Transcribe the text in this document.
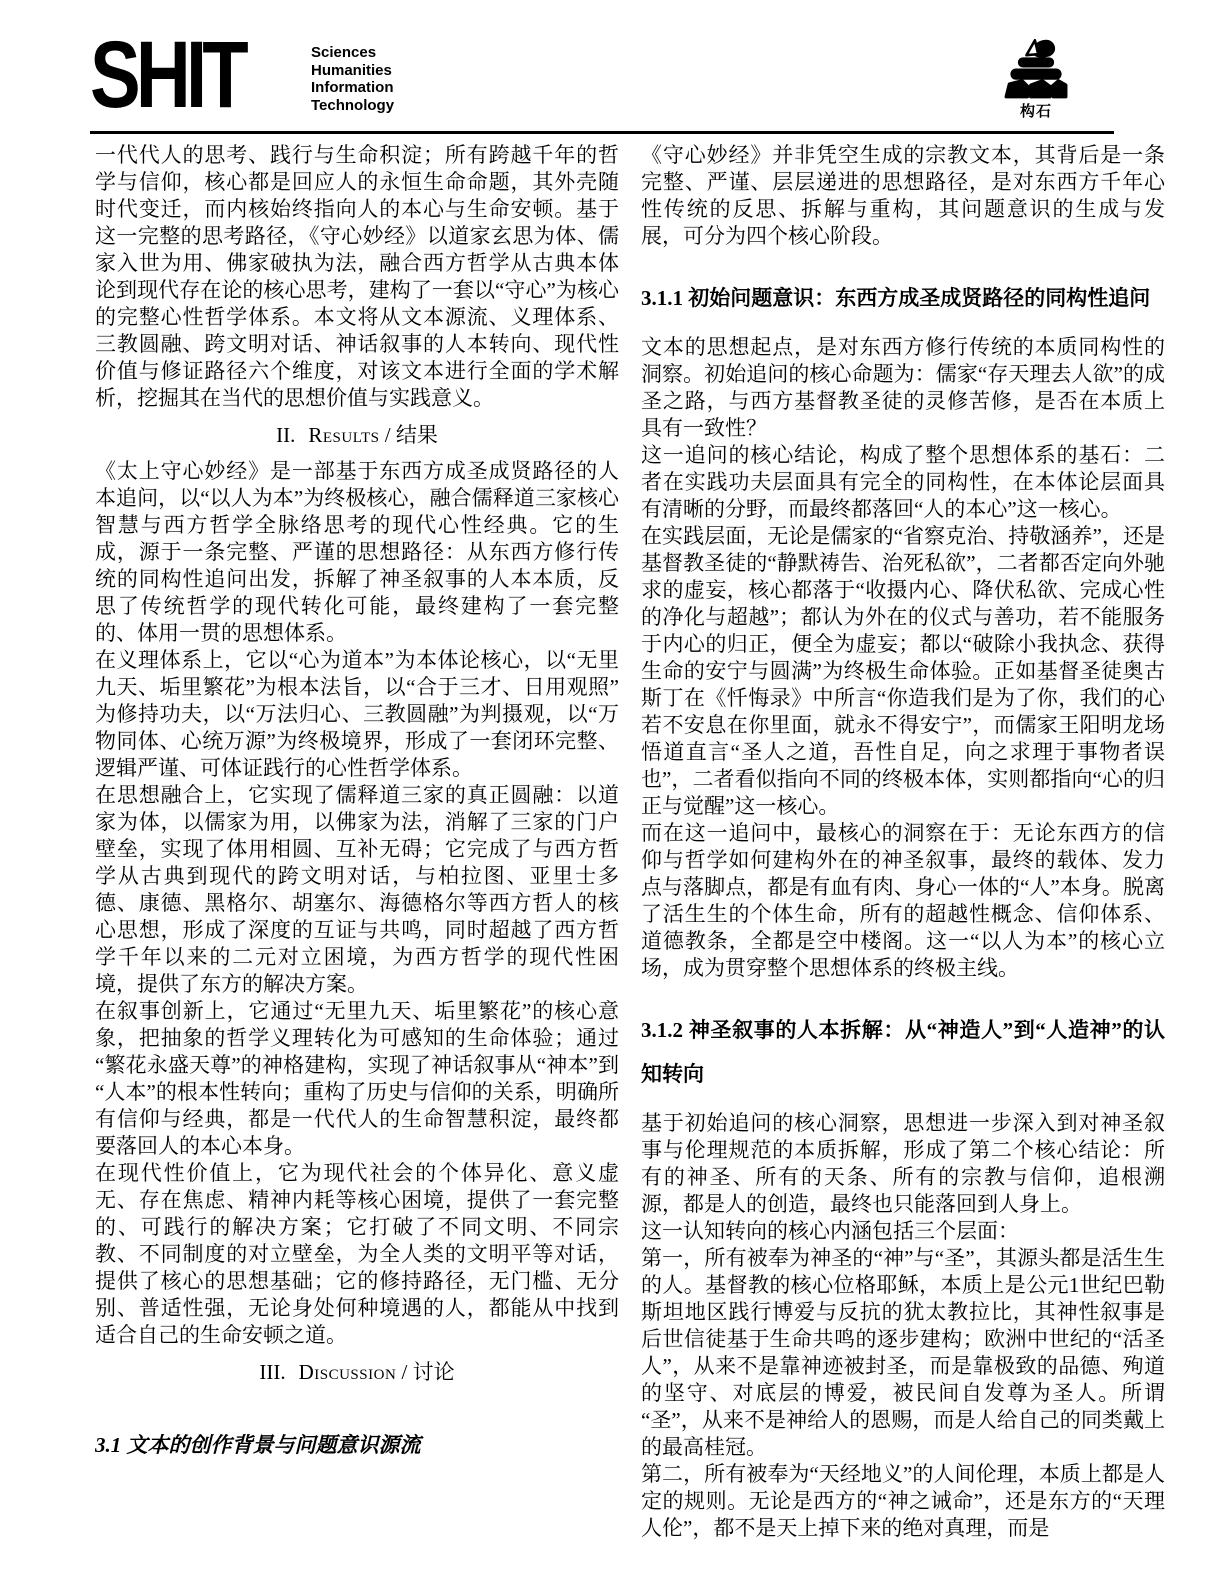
SHIT	Sciences
Humanities
Information
Technology	构石

一代代人的思考、践行与生命积淀；所有跨越千年的哲学与信仰，核心都是回应人的永恒生命命题，其外壳随时代变迁，而内核始终指向人的本心与生命安顿。基于这一完整的思考路径，《守心妙经》以道家玄思为体、儒家入世为用、佛家破执为法，融合西方哲学从古典本体论到现代存在论的核心思考，建构了一套以“守心”为核心的完整心性哲学体系。本文将从文本源流、义理体系、三教圆融、跨文明对话、神话叙事的人本转向、现代性价值与修证路径六个维度，对该文本进行全面的学术解析，挖掘其在当代的思想价值与实践意义。

II. Results / 结果

《太上守心妙经》是一部基于东西方成圣成贤路径的人本追问，以“以人为本”为终极核心，融合儒释道三家核心智慧与西方哲学全脉络思考的现代心性经典。它的生成，源于一条完整、严谨的思想路径：从东西方修行传统的同构性追问出发，拆解了神圣叙事的人本本质，反思了传统哲学的现代转化可能，最终建构了一套完整的、体用一贯的思想体系。

在义理体系上，它以“心为道本”为本体论核心，以“无里九天、垢里繁花”为根本法旨，以“合于三才、日用观照”为修持功夫，以“万法归心、三教圆融”为判摄观，以“万物同体、心统万源”为终极境界，形成了一套闭环完整、逻辑严谨、可体证践行的心性哲学体系。

在思想融合上，它实现了儒释道三家的真正圆融：以道家为体，以儒家为用，以佛家为法，消解了三家的门户壁垒，实现了体用相圆、互补无碍；它完成了与西方哲学从古典到现代的跨文明对话，与柏拉图、亚里士多德、康德、黑格尔、胡塞尔、海德格尔等西方哲人的核心思想，形成了深度的互证与共鸣，同时超越了西方哲学千年以来的二元对立困境，为西方哲学的现代性困境，提供了东方的解决方案。

在叙事创新上，它通过“无里九天、垢里繁花”的核心意象，把抽象的哲学义理转化为可感知的生命体验；通过“繁花永盛天尊”的神格建构，实现了神话叙事从“神本”到“人本”的根本性转向；重构了历史与信仰的关系，明确所有信仰与经典，都是一代代人的生命智慧积淀，最终都要落回人的本心本身。

在现代性价值上，它为现代社会的个体异化、意义虚无、存在焦虑、精神内耗等核心困境，提供了一套完整的、可践行的解决方案；它打破了不同文明、不同宗教、不同制度的对立壁垒，为全人类的文明平等对话，提供了核心的思想基础；它的修持路径，无门槛、无分别、普适性强，无论身处何种境遇的人，都能从中找到适合自己的生命安顿之道。

III. Discussion / 讨论
3.1 文本的创作背景与问题意识源流

《守心妙经》并非凭空生成的宗教文本，其背后是一条完整、严谨、层层递进的思想路径，是对东西方千年心性传统的反思、拆解与重构，其问题意识的生成与发展，可分为四个核心阶段。

3.1.1 初始问题意识：东西方成圣成贤路径的同构性追问

文本的思想起点，是对东西方修行传统的本质同构性的洞察。初始追问的核心命题为：儒家“存天理去人欲”的成圣之路，与西方基督教圣徒的灵修苦修，是否在本质上具有一致性？

这一追问的核心结论，构成了整个思想体系的基石：二者在实践功夫层面具有完全的同构性，在本体论层面具有清晰的分野，而最终都落回“人的本心”这一核心。

在实践层面，无论是儒家的“省察克治、持敬涵养”，还是基督教圣徒的“静默祷告、治死私欲”，二者都否定向外驰求的虚妄，核心都落于“收摄内心、降伏私欲、完成心性的净化与超越”；都认为外在的仪式与善功，若不能服务于内心的归正，便全为虚妄；都以“破除小我执念、获得生命的安宁与圆满”为终极生命体验。正如基督圣徒奥古斯丁在《忏悔录》中所言“你造我们是为了你，我们的心若不安息在你里面，就永不得安宁”，而儒家王阳明龙场悟道直言“圣人之道，吾性自足，向之求理于事物者误也”，二者看似指向不同的终极本体，实则都指向“心的归正与觉醒”这一核心。

而在这一追问中，最核心的洞察在于：无论东西方的信仰与哲学如何建构外在的神圣叙事，最终的载体、发力点与落脚点，都是有血有肉、身心一体的“人”本身。脱离了活生生的个体生命，所有的超越性概念、信仰体系、道德教条，全都是空中楼阁。这一“以人为本”的核心立场，成为贯穿整个思想体系的终极主线。

3.1.2 神圣叙事的人本拆解：从“神造人”到“人造神”的认知转向

基于初始追问的核心洞察，思想进一步深入到对神圣叙事与伦理规范的本质拆解，形成了第二个核心结论：所有的神圣、所有的天条、所有的宗教与信仰，追根溯源，都是人的创造，最终也只能落回到人身上。

这一认知转向的核心内涵包括三个层面：

第一，所有被奉为神圣的“神”与“圣”，其源头都是活生生的人。基督教的核心位格耶稣，本质上是公元1世纪巴勒斯坦地区践行博爱与反抗的犹太教拉比，其神性叙事是后世信徒基于生命共鸣的逐步建构；欧洲中世纪的“活圣人”，从来不是靠神迹被封圣，而是靠极致的品德、殉道的坚守、对底层的博爱，被民间自发尊为圣人。所谓“圣”，从来不是神给人的恩赐，而是人给自己的同类戴上的最高桂冠。

第二，所有被奉为“天经地义”的人间伦理，本质上都是人定的规则。无论是西方的“神之诫命”，还是东方的“天理人伦”，都不是天上掉下来的绝对真理，而是
